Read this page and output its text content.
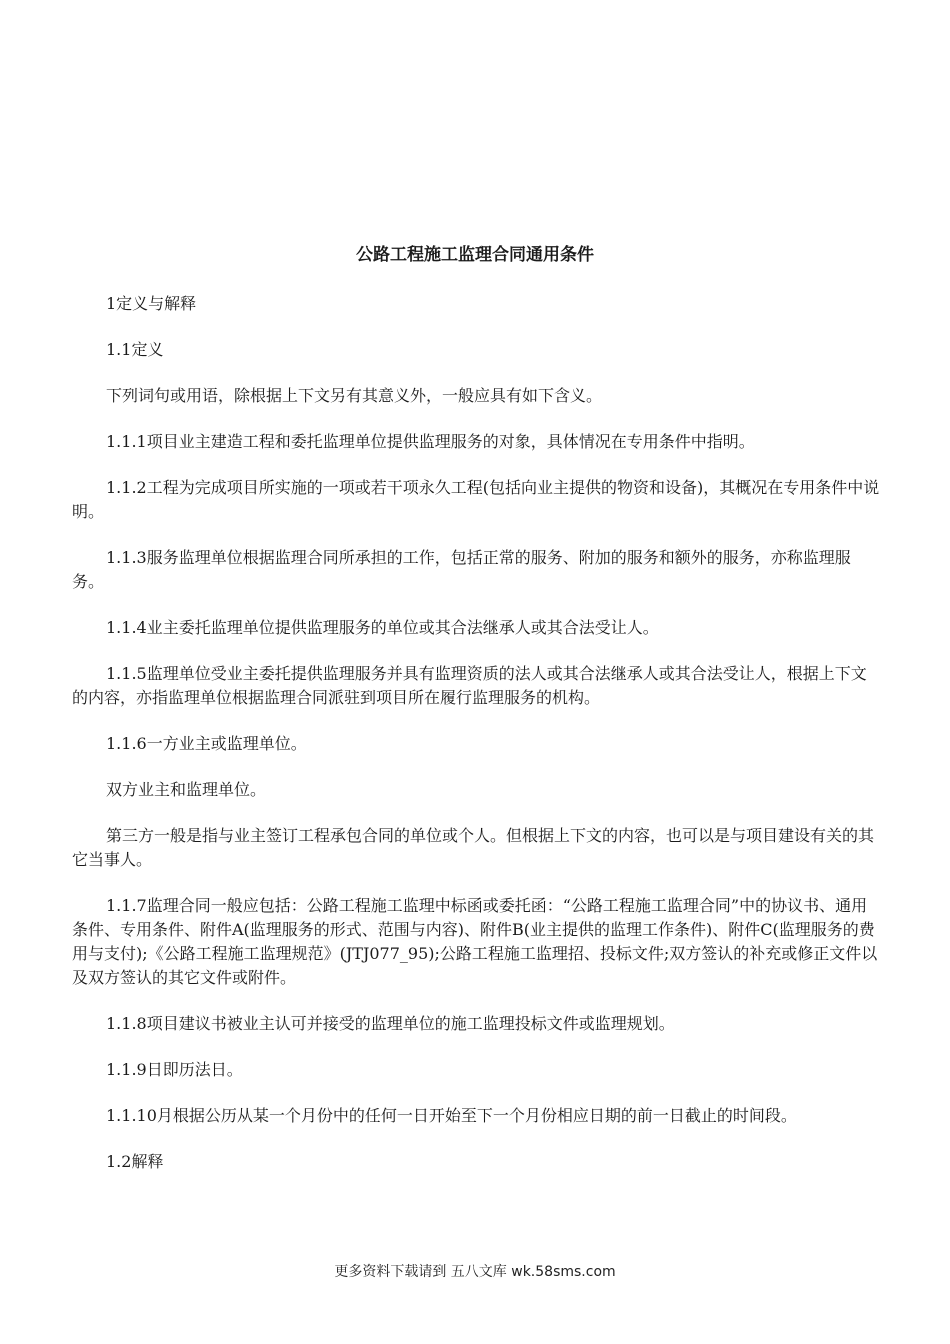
公路工程施工监理合同通用条件

1定义与解释

1.1定义

下列词句或用语，除根据上下文另有其意义外，一般应具有如下含义。

1.1.1项目业主建造工程和委托监理单位提供监理服务的对象，具体情况在专用条件中指明。

1.1.2工程为完成项目所实施的一项或若干项永久工程(包括向业主提供的物资和设备)，其概况在专用条件中说明。

1.1.3服务监理单位根据监理合同所承担的工作，包括正常的服务、附加的服务和额外的服务，亦称监理服务。

1.1.4业主委托监理单位提供监理服务的单位或其合法继承人或其合法受让人。

1.1.5监理单位受业主委托提供监理服务并具有监理资质的法人或其合法继承人或其合法受让人，根据上下文的内容，亦指监理单位根据监理合同派驻到项目所在履行监理服务的机构。

1.1.6一方业主或监理单位。

双方业主和监理单位。

第三方一般是指与业主签订工程承包合同的单位或个人。但根据上下文的内容，也可以是与项目建设有关的其它当事人。

1.1.7监理合同一般应包括：公路工程施工监理中标函或委托函：“公路工程施工监理合同”中的协议书、通用条件、专用条件、附件A(监理服务的形式、范围与内容)、附件B(业主提供的监理工作条件)、附件C(监理服务的费用与支付);《公路工程施工监理规范》(JTJ077_95);公路工程施工监理招、投标文件;双方签认的补充或修正文件以及双方签认的其它文件或附件。

1.1.8项目建议书被业主认可并接受的监理单位的施工监理投标文件或监理规划。

1.1.9日即历法日。

1.1.10月根据公历从某一个月份中的任何一日开始至下一个月份相应日期的前一日截止的时间段。

1.2解释

更多资料下载请到 五八文库 wk.58sms.com
